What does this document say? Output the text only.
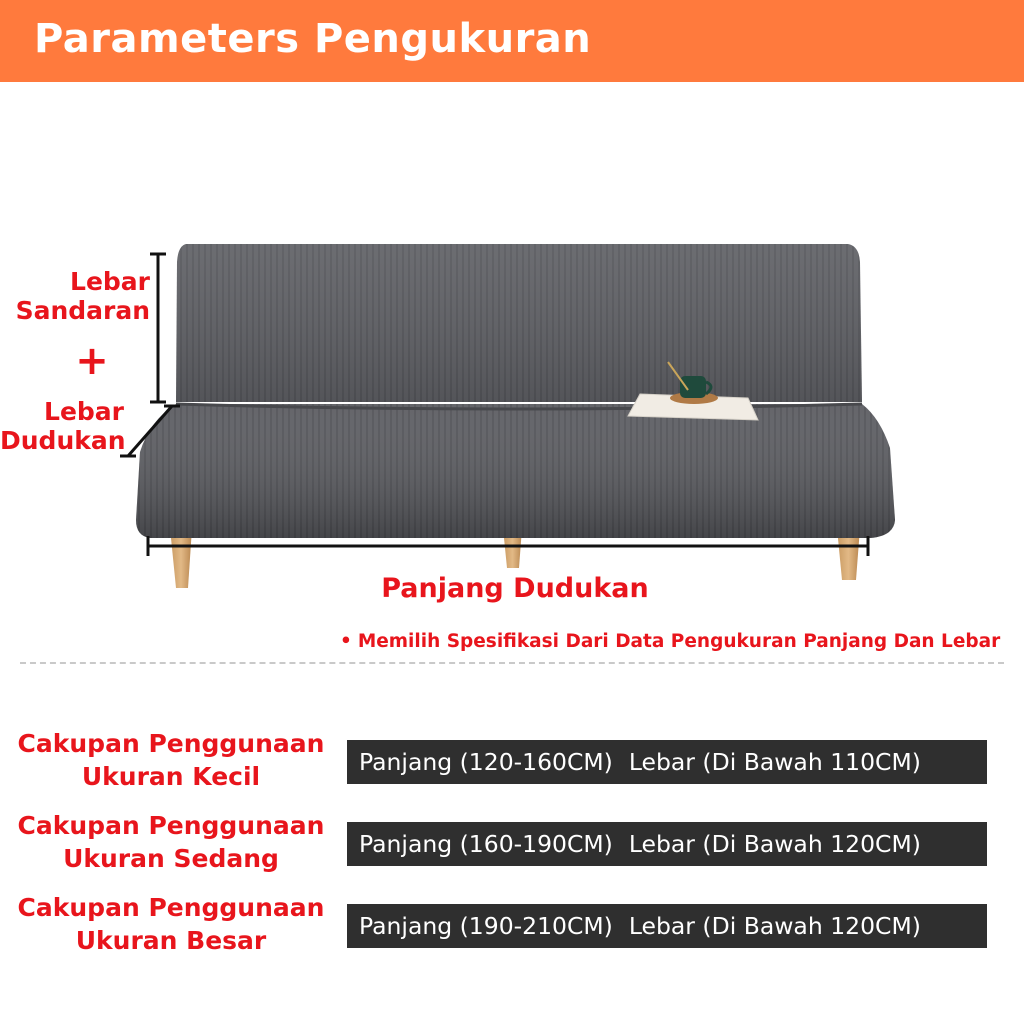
Parameters Pengukuran
Lebar
Sandaran
+
Lebar
Dudukan
Panjang Dudukan
• Memilih Spesifikasi Dari Data Pengukuran Panjang Dan Lebar
Cakupan Penggunaan
Ukuran Kecil	Panjang (120-160CM) Lebar (Di Bawah 110CM)
Cakupan Penggunaan
Ukuran Sedang	Panjang (160-190CM) Lebar (Di Bawah 120CM)
Cakupan Penggunaan
Ukuran Besar	Panjang (190-210CM) Lebar (Di Bawah 120CM)
